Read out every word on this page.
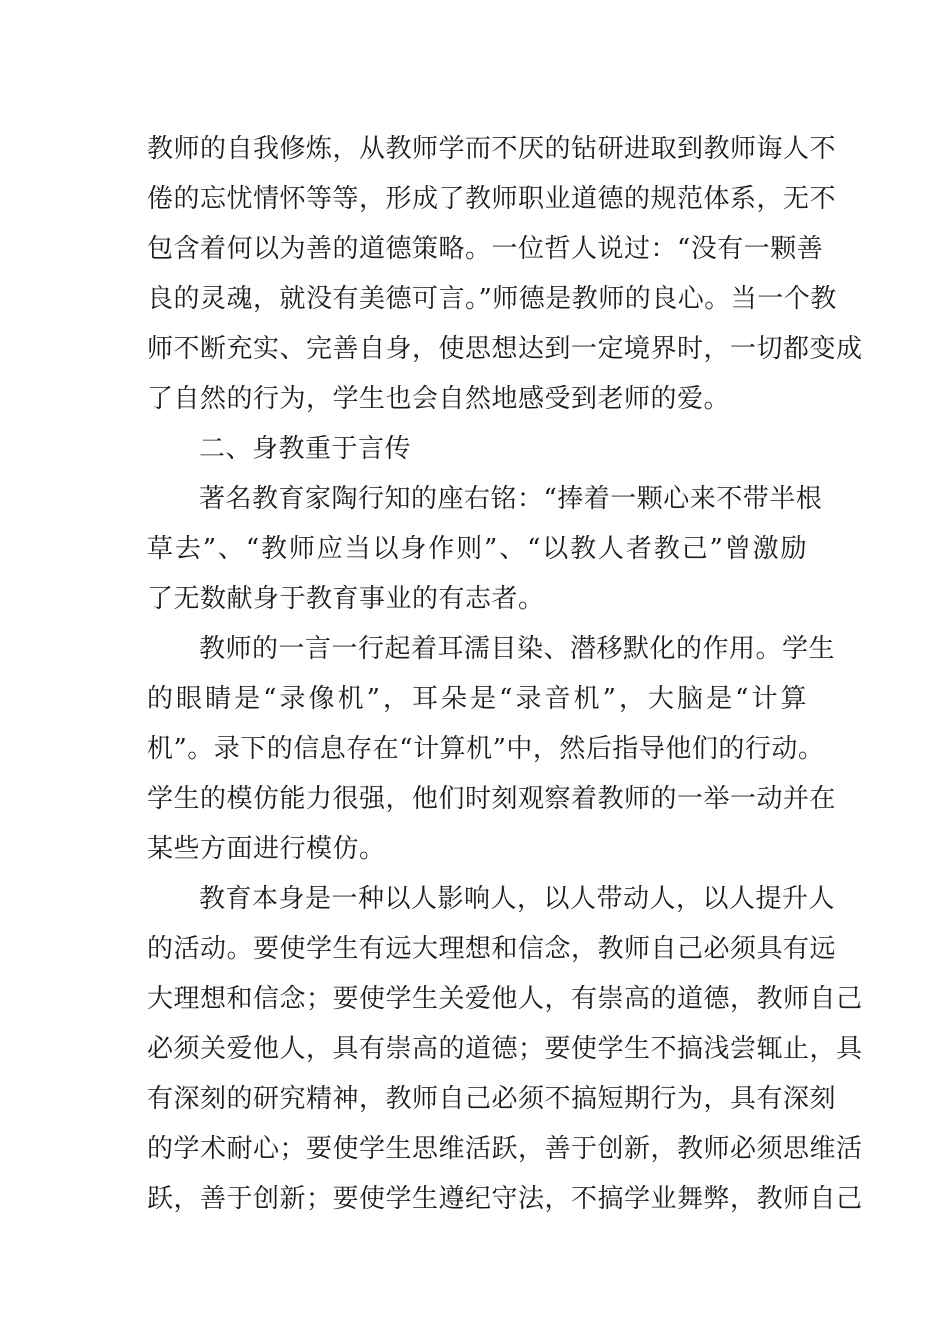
教师的自我修炼，从教师学而不厌的钻研进取到教师诲人不
倦的忘忧情怀等等，形成了教师职业道德的规范体系，无不
包含着何以为善的道德策略。一位哲人说过：“没有一颗善
良的灵魂，就没有美德可言。”师德是教师的良心。当一个教
师不断充实、完善自身，使思想达到一定境界时，一切都变成
了自然的行为，学生也会自然地感受到老师的爱。
二、身教重于言传
著名教育家陶行知的座右铭：“捧着一颗心来不带半根
草去”、“教师应当以身作则”、“以教人者教己”曾激励
了无数献身于教育事业的有志者。
教师的一言一行起着耳濡目染、潜移默化的作用。学生
的眼睛是“录像机”，耳朵是“录音机”，大脑是“计算
机”。录下的信息存在“计算机”中，然后指导他们的行动。
学生的模仿能力很强，他们时刻观察着教师的一举一动并在
某些方面进行模仿。
教育本身是一种以人影响人，以人带动人，以人提升人
的活动。要使学生有远大理想和信念，教师自己必须具有远
大理想和信念；要使学生关爱他人，有崇高的道德，教师自己
必须关爱他人，具有崇高的道德；要使学生不搞浅尝辄止，具
有深刻的研究精神，教师自己必须不搞短期行为，具有深刻
的学术耐心；要使学生思维活跃，善于创新，教师必须思维活
跃，善于创新；要使学生遵纪守法，不搞学业舞弊，教师自己
